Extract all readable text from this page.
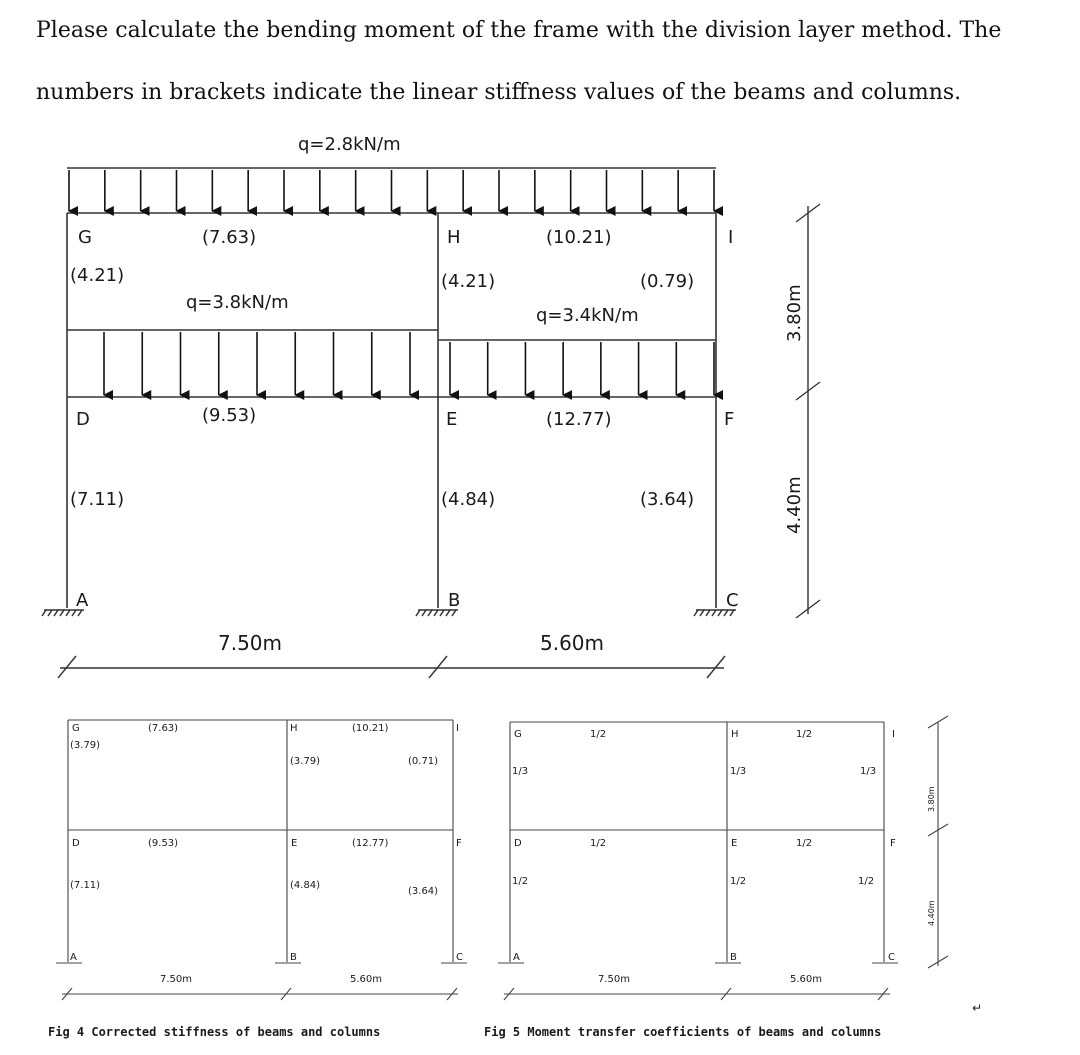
Please calculate the bending moment of the frame with the division layer method. The
numbers in brackets indicate the linear stiffness values of the beams and columns.
q=2.8kN/m
q=3.8kN/m
q=3.4kN/m
G	H	I
D	E	F
A	B	C
(7.63)	(10.21)
(4.21)	(4.21)	(0.79)
(9.53)	(12.77)
(7.11)	(4.84)	(3.64)
7.50m	5.60m
3.80m
4.40m
G	H	I
D	E	F
A	B	C
(7.63)	(10.21)
(3.79)
(3.79)	(0.71)
(9.53)	(12.77)
(7.11)	(4.84)
(3.64)
7.50m	5.60m
G	H	I
D	E	F
A	B	C
1/2	1/2
1/3	1/3	1/3
1/2	1/2
1/2	1/2	1/2
7.50m	5.60m
3.80m
4.40m
Fig 4 Corrected stiffness of beams and columns	Fig 5 Moment transfer coefficients of beams and columns
↵
